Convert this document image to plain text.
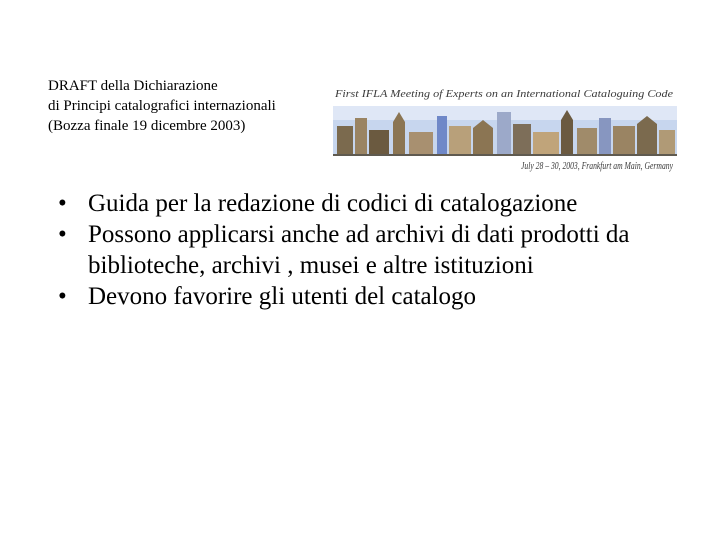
DRAFT della Dichiarazione
di Principi catalografici internazionali
(Bozza finale 19 dicembre 2003)
First IFLA Meeting of Experts on an International Cataloguing Code
July 28 – 30, 2003, Frankfurt am Main, Germany
• Guida per la redazione di codici di catalogazione
• Possono applicarsi anche ad archivi di dati prodotti da biblioteche, archivi , musei e altre istituzioni
• Devono favorire gli utenti del catalogo
